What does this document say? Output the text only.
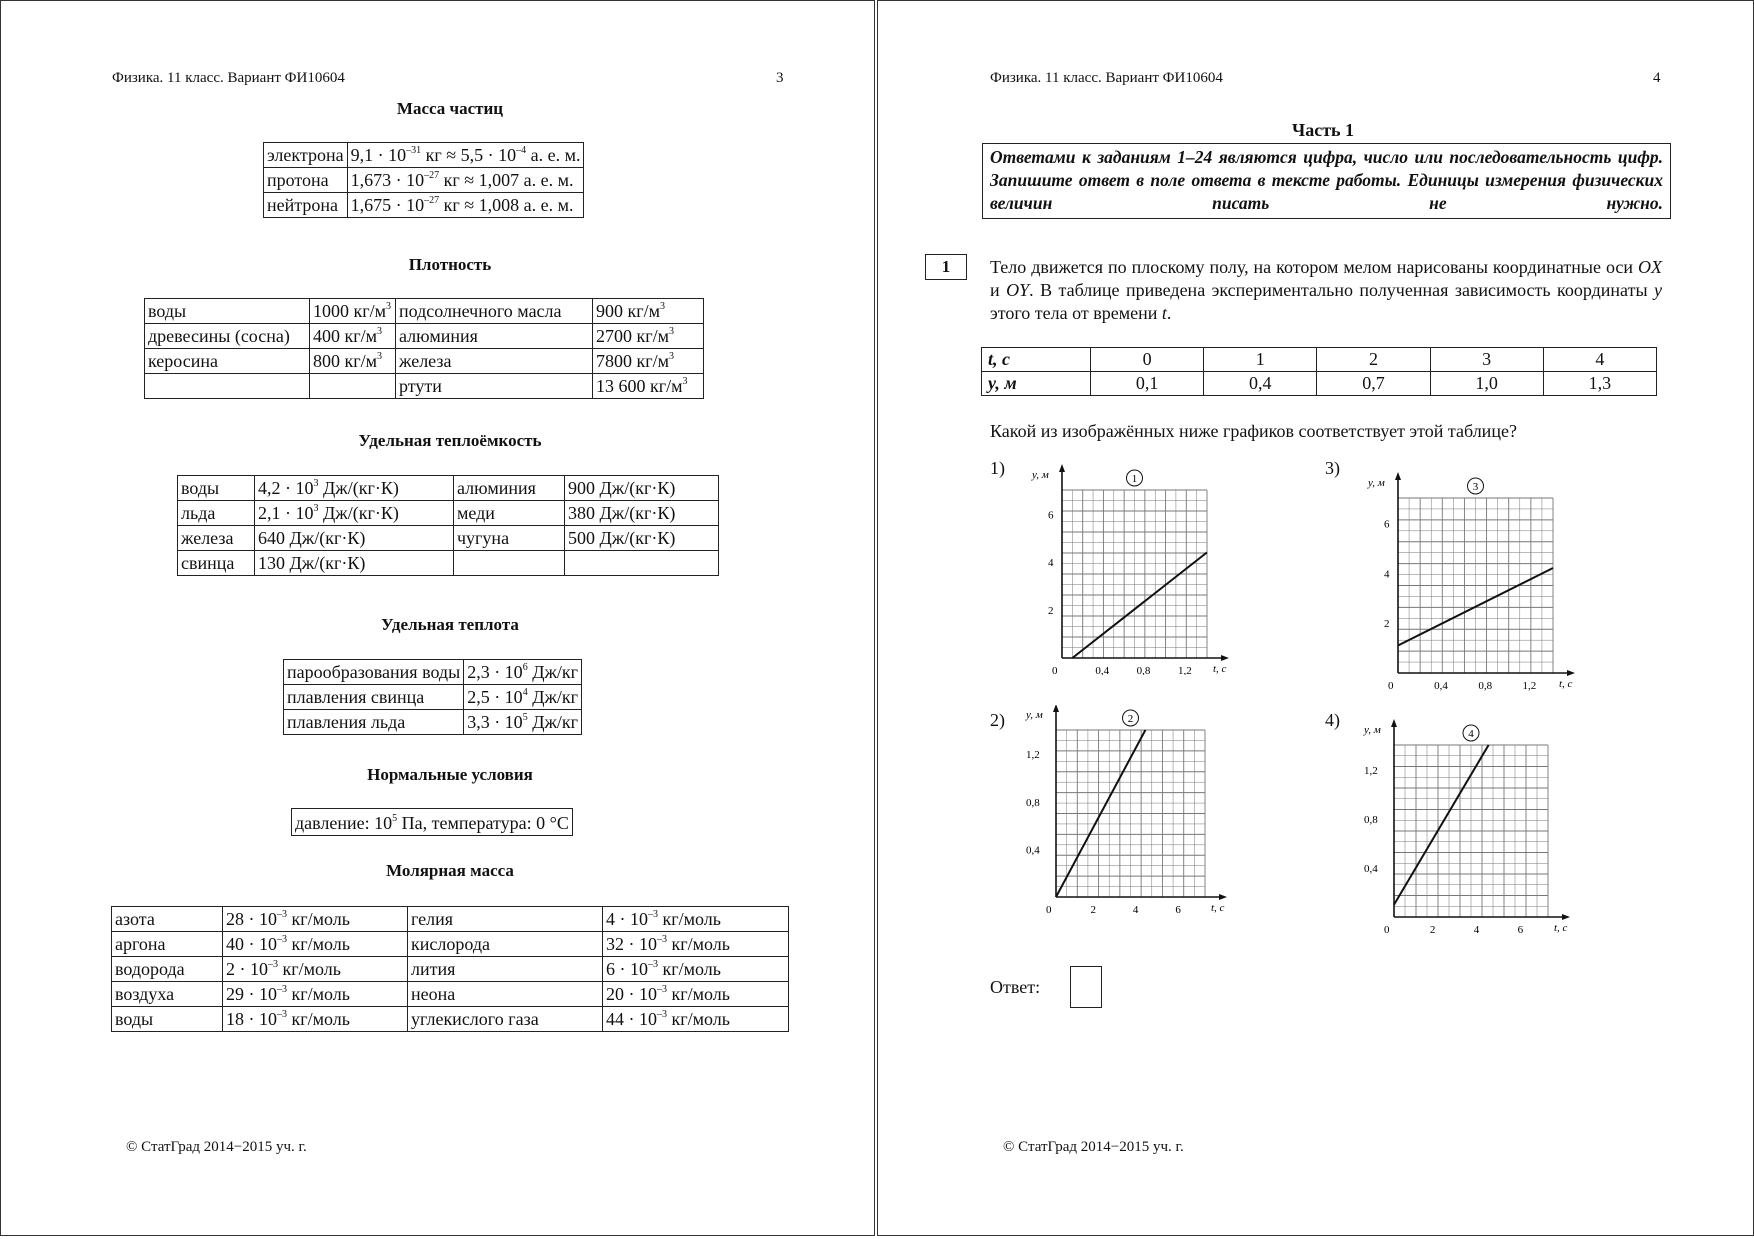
Физика. 11 класс. Вариант ФИ10604	3
Масса частиц
электрона	$9,1 \cdot 10^{-31}$ кг ≈ $5,5 \cdot 10^{-4}$ а. е. м.
протона	$1,673 \cdot 10^{-27}$ кг ≈ 1,007 а. е. м.
нейтрона	$1,675 \cdot 10^{-27}$ кг ≈ 1,008 а. е. м.
Плотность
воды	1000 $кг/м^3$	подсолнечного масла	900 $кг/м^3$
древесины (сосна)	400 $кг/м^3$	алюминия	2700 $кг/м^3$
керосина	800 $кг/м^3$	железа	7800 $кг/м^3$
		ртути	13 600 $кг/м^3$
Удельная теплоёмкость
воды	$4,2 \cdot 10^3$ Дж/(кг·К)	алюминия	900 Дж/(кг·К)
льда	$2,1 \cdot 10^3$ Дж/(кг·К)	меди	380 Дж/(кг·К)
железа	640 Дж/(кг·К)	чугуна	500 Дж/(кг·К)
свинца	130 Дж/(кг·К)		
Удельная теплота
парообразования воды	$2,3 \cdot 10^6$ Дж/кг
плавления свинца	$2,5 \cdot 10^4$ Дж/кг
плавления льда	$3,3 \cdot 10^5$ Дж/кг
Нормальные условия
давление: $10^5$ Па, температура: 0 °С
Молярная масса
азота	$28 \cdot 10^{-3}$ кг/моль	гелия	$4 \cdot 10^{-3}$ кг/моль
аргона	$40 \cdot 10^{-3}$ кг/моль	кислорода	$32 \cdot 10^{-3}$ кг/моль
водорода	$2 \cdot 10^{-3}$ кг/моль	лития	$6 \cdot 10^{-3}$ кг/моль
воздуха	$29 \cdot 10^{-3}$ кг/моль	неона	$20 \cdot 10^{-3}$ кг/моль
воды	$18 \cdot 10^{-3}$ кг/моль	углекислого газа	$44 \cdot 10^{-3}$ кг/моль
© СтатГрад 2014−2015 уч. г.
Физика. 11 класс. Вариант ФИ10604	4
Часть 1
Ответами к заданиям 1–24 являются цифра, число или последовательность цифр. Запишите ответ в поле ответа в тексте работы. Единицы измерения физических величин писать не нужно.
1	Тело движется по плоскому полу, на котором мелом нарисованы координатные оси OX и OY. В таблице приведена экспериментально полученная зависимость координаты y этого тела от времени t.
t, с	0	1	2	3	4
y, м	0,1	0,4	0,7	1,0	1,3
Какой из изображённых ниже графиков соответствует этой таблице?
1)	3)
2)	4)
y, м
t, с
0	0,4	0,8	1,2
2
4
6
1	y, м
t, с
0	0,4	0,8	1,2
2
4
6
3
y, м
t, с
0	2	4	6
0,4
0,8
1,2
2
y, м
t, с
0	2	4	6
0,4
0,8
1,2
4
Ответ:
© СтатГрад 2014−2015 уч. г.
